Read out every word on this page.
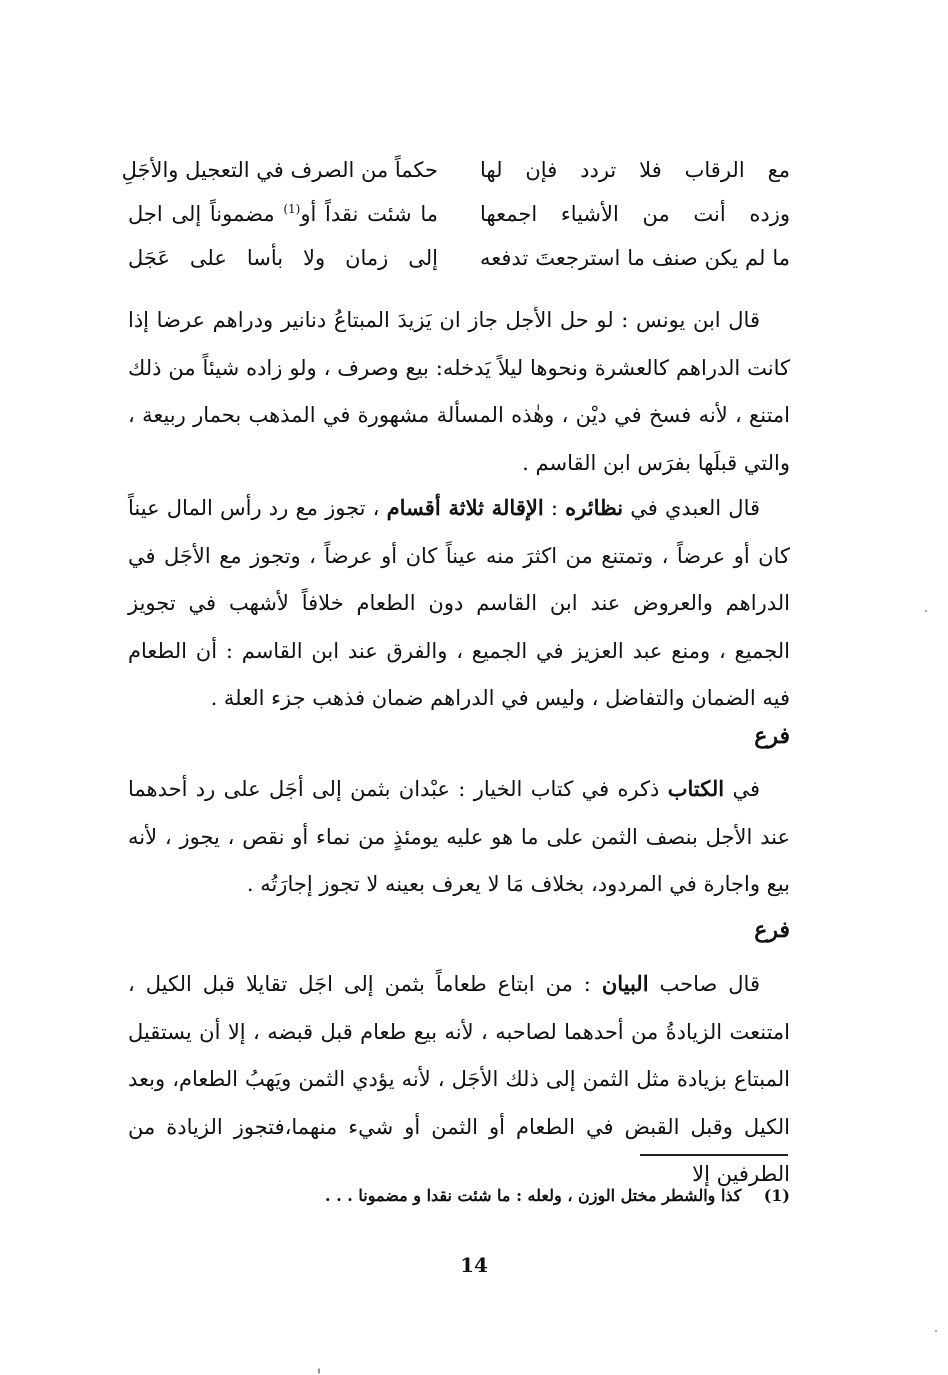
مع الرقاب فلا تردد فإن لها
حكماً من الصرف في التعجيل والأجَلِ
وزده أنت من الأشياء اجمعها
ما شئت نقداً أو$^{(1)}$ مضموناً إلى اجل
ما لم يكن صنف ما استرجعتَ تدفعه
إلى زمان ولا بأسا على عَجَل

قال ابن يونس : لو حل الأجل جاز ان يَزيدَ المبتاعُ دنانير ودراهم عرضا إذا كانت الدراهم كالعشرة ونحوها ليلاً يَدخله: بيع وصرف ، ولو زاده شيئاً من ذلك امتنع ، لأنه فسخ في ديْن ، وهٰذه المسألة مشهورة في المذهب بحمار ربيعة ، والتي قبلَها بفرَس ابن القاسم .

قال العبدي في نظائره : الإقالة ثلاثة أقسام ، تجوز مع رد رأس المال عيناً كان أو عرضاً ، وتمتنع من اكثرَ منه عيناً كان أو عرضاً ، وتجوز مع الأجَل في الدراهم والعروض عند ابن القاسم دون الطعام خلافاً لأشهب في تجويز الجميع ، ومنع عبد العزيز في الجميع ، والفرق عند ابن القاسم : أن الطعام فيه الضمان والتفاضل ، وليس في الدراهم ضمان فذهب جزء العلة .

فرع

في الكتاب ذكره في كتاب الخيار : عبْدان بثمن إلى أجَل على رد أحدهما عند الأجل بنصف الثمن على ما هو عليه يومئذٍ من نماء أو نقص ، يجوز ، لأنه بيع واجارة في المردود، بخلاف مَا لا يعرف بعينه لا تجوز إجارَتُه .

فرع

قال صاحب البيان : من ابتاع طعاماً بثمن إلى اجَل تقايلا قبل الكيل ، امتنعت الزيادةُ من أحدهما لصاحبه ، لأنه بيع طعام قبل قبضه ، إلا أن يستقيل المبتاع بزيادة مثل الثمن إلى ذلك الأجَل ، لأنه يؤدي الثمن ويَهبُ الطعام، وبعد الكيل وقبل القبض في الطعام أو الثمن أو شيء منهما،فتجوز الزيادة من الطرفين إلا

(1)    كذا والشطر مختل الوزن ، ولعله : ما شئت نقدا و مضمونا . . .
14
